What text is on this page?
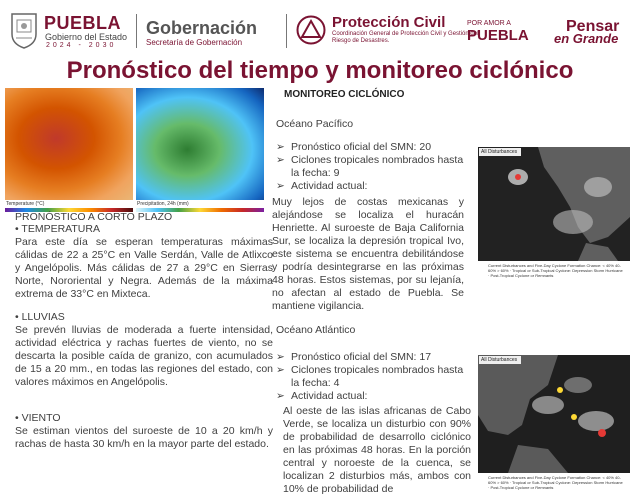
PUEBLA
Gobierno del Estado
2024 - 2030
Gobernación
Secretaría de Gobernación
Protección Civil
Coordinación General de Protección Civil y Gestión del Riesgo de Desastres.
POR AMOR A
PUEBLA
Pensar
en Grande
Pronóstico del tiempo y monitoreo ciclónico
Temperature (°C)	Precipitation, 24h (mm)
PRONÓSTICO A CORTO PLAZO
• TEMPERATURA
Para este día se esperan temperaturas máximas cálidas de 22 a 25°C en Valle Serdán, Valle de Atlixco y Angelópolis. Más cálidas de 27 a 29°C en Sierras Norte, Nororiental y Negra. Además de la máxima extrema de 33°C en Mixteca.
• LLUVIAS
Se prevén lluvias de moderada a fuerte intensidad, actividad eléctrica y rachas fuertes de viento, no se descarta la posible caída de granizo, con acumulados de 15 a 20 mm., en todas las regiones del estado, con valores máximos en Angelópolis.
• VIENTO
Se estiman vientos del suroeste de 10 a 20 km/h y rachas de hasta 30 km/h en la mayor parte del estado.
MONITOREO CICLÓNICO
Océano Pacífico
➢ Pronóstico oficial del SMN: 20
➢ Ciclones tropicales nombrados hasta la fecha: 9
➢ Actividad actual:
Muy lejos de costas mexicanas y alejándose se localiza el huracán Henriette. Al suroeste de Baja California Sur, se localiza la depresión tropical Ivo, este sistema se encuentra debilitándose y podría desintegrarse en las próximas 48 horas. Estos sistemas, por su lejanía, no afectan al estado de Puebla. Se mantiene vigilancia.
Océano Atlántico
➢ Pronóstico oficial del SMN: 17
➢ Ciclones tropicales nombrados hasta la fecha: 4
➢ Actividad actual:
Al oeste de las islas africanas de Cabo Verde, se localiza un disturbio con 90% de probabilidad de desarrollo ciclónico en las próximas 48 horas. En la porción central y noroeste de la cuenca, se localizan 2 disturbios más, ambos con 10% de probabilidad de
All Disturbances
Current Disturbances and Five-Day Cyclone Formation Chance: < 40% 40-60% > 60% · Tropical or Sub-Tropical Cyclone: Depression Storm Hurricane · Post-Tropical Cyclone or Remnants
All Disturbances
Current Disturbances and Five-Day Cyclone Formation Chance: < 40% 40-60% > 60% · Tropical or Sub-Tropical Cyclone: Depression Storm Hurricane · Post-Tropical Cyclone or Remnants
